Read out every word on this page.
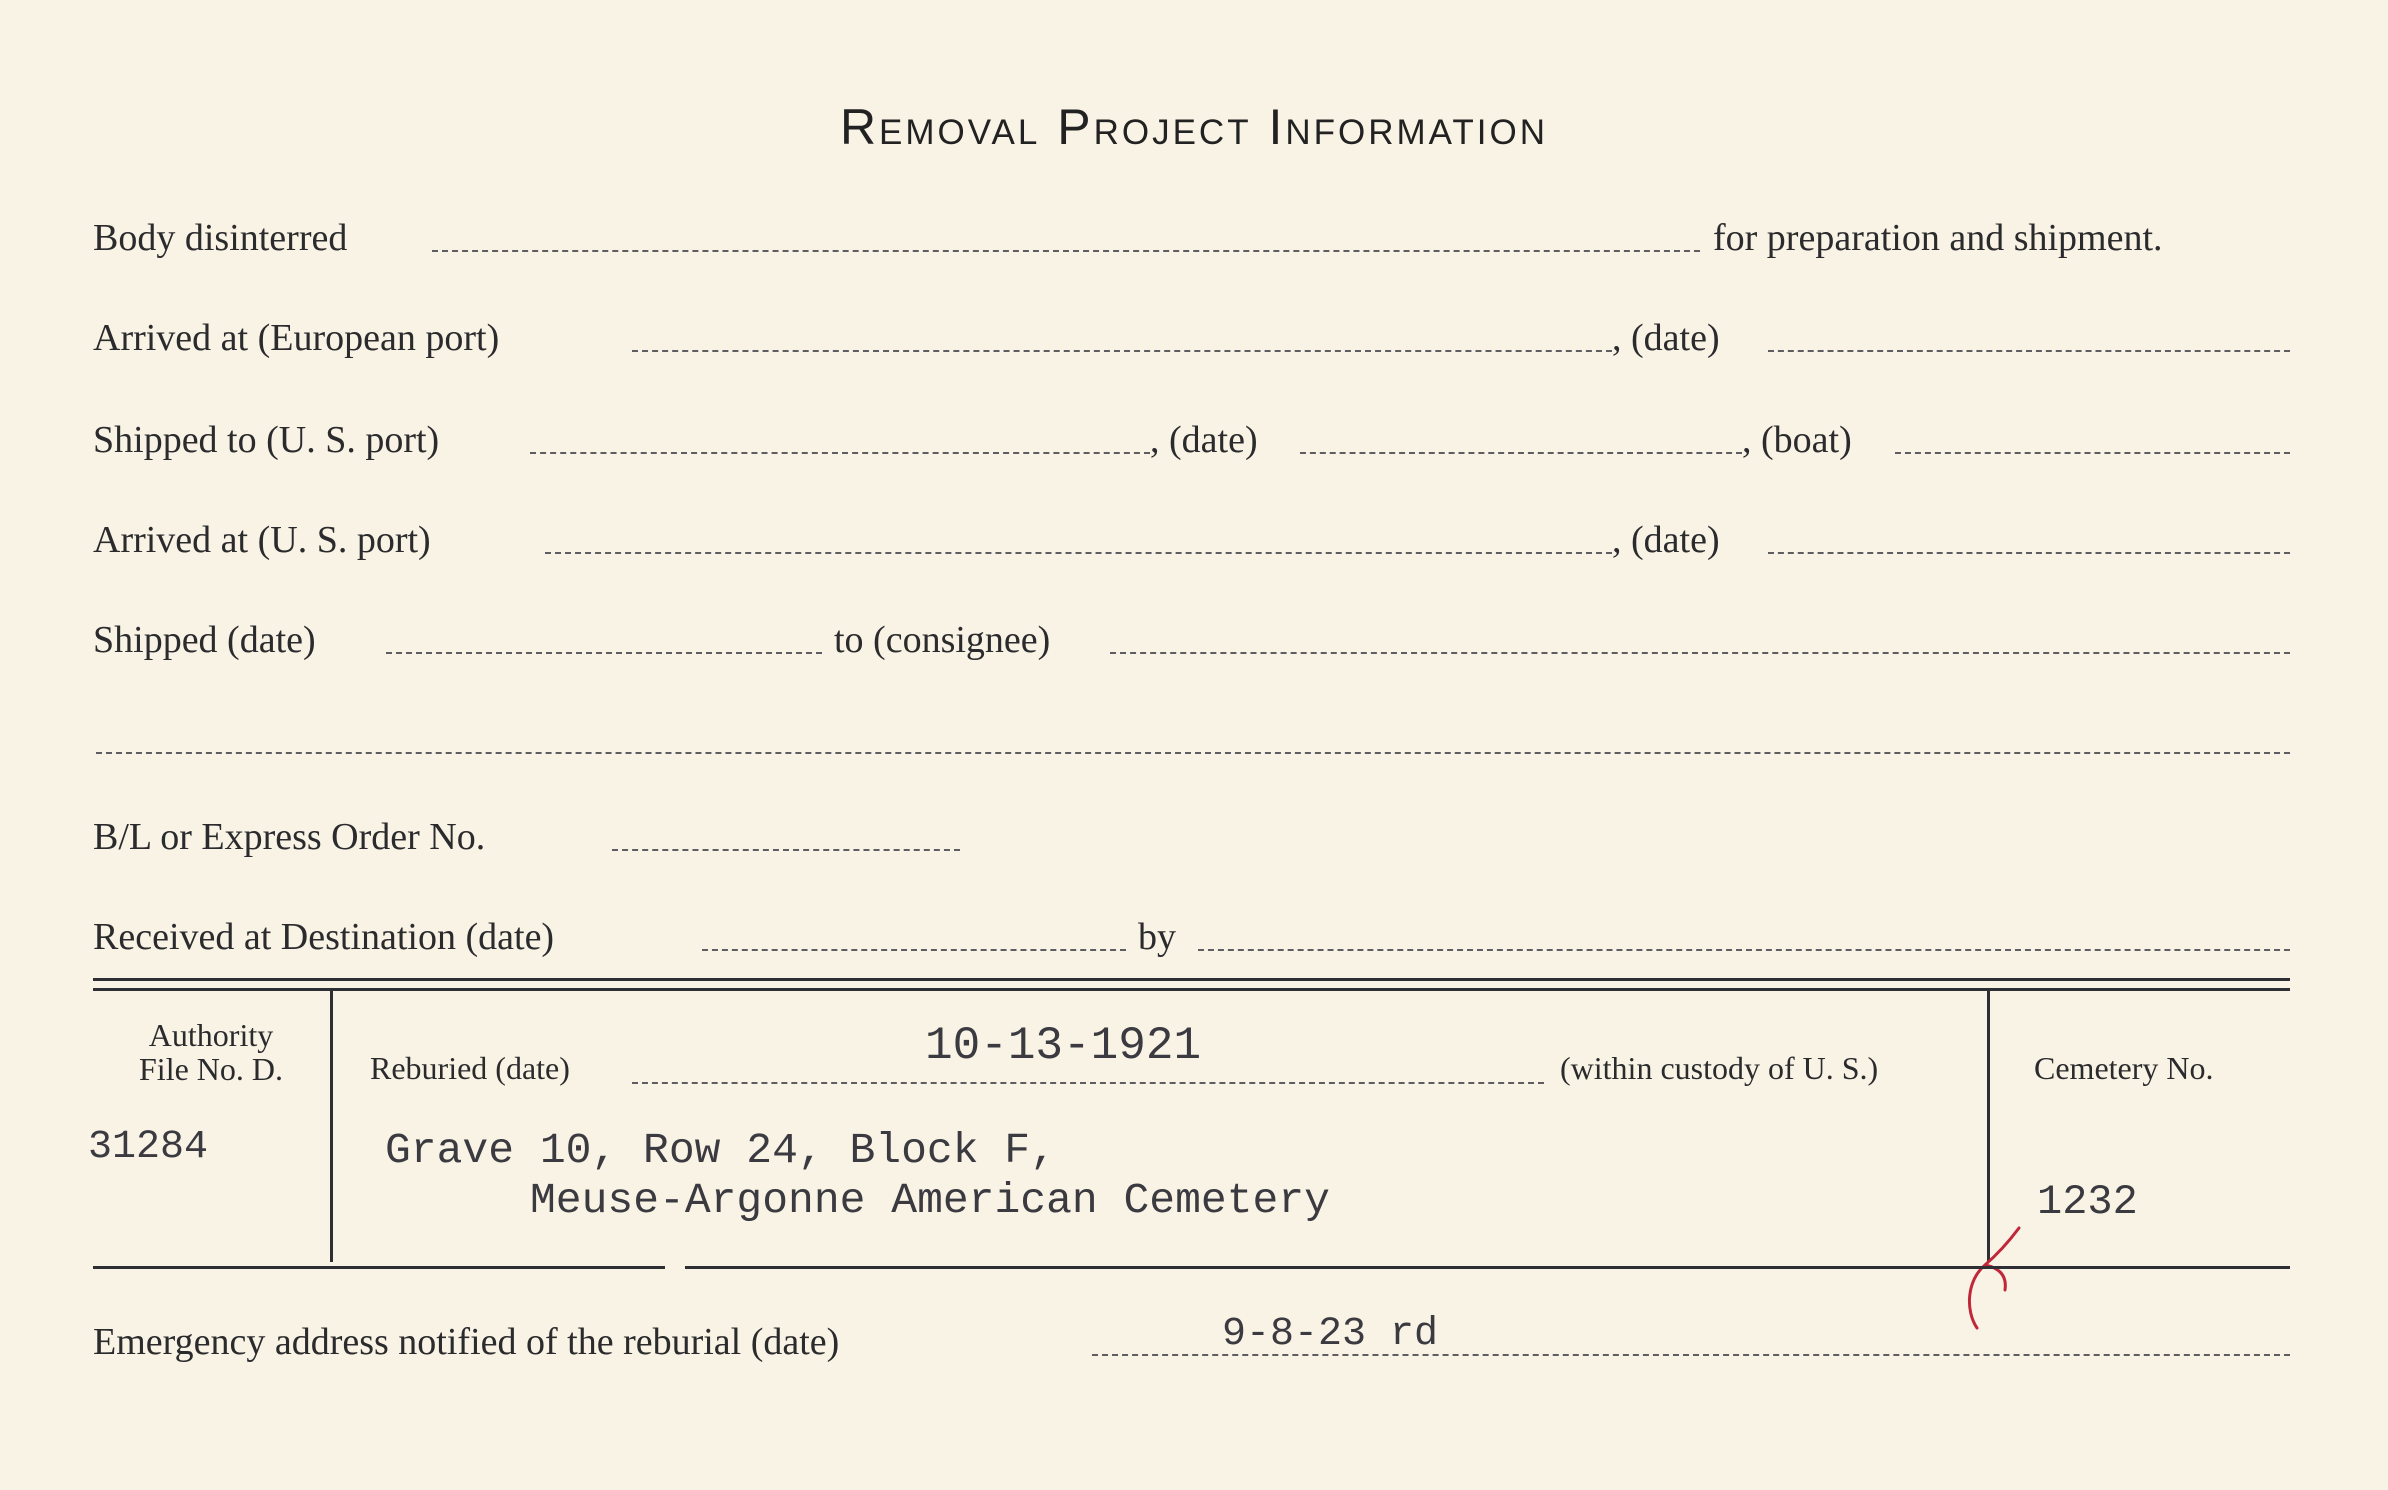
Removal Project Information
Body disinterred	for preparation and shipment.
Arrived at (European port)	, (date)
Shipped to (U. S. port)	, (date)	, (boat)
Arrived at (U. S. port)	, (date)
Shipped (date)	to (consignee)
B/L or Express Order No.
Received at Destination (date)	by
Authority
File No. D.
31284
Reburied (date)	10-13-1921	(within custody of U. S.)
Grave 10, Row 24, Block F,
Meuse-Argonne American Cemetery
Cemetery No.
1232
Emergency address notified of the reburial (date)	9-8-23 rd
